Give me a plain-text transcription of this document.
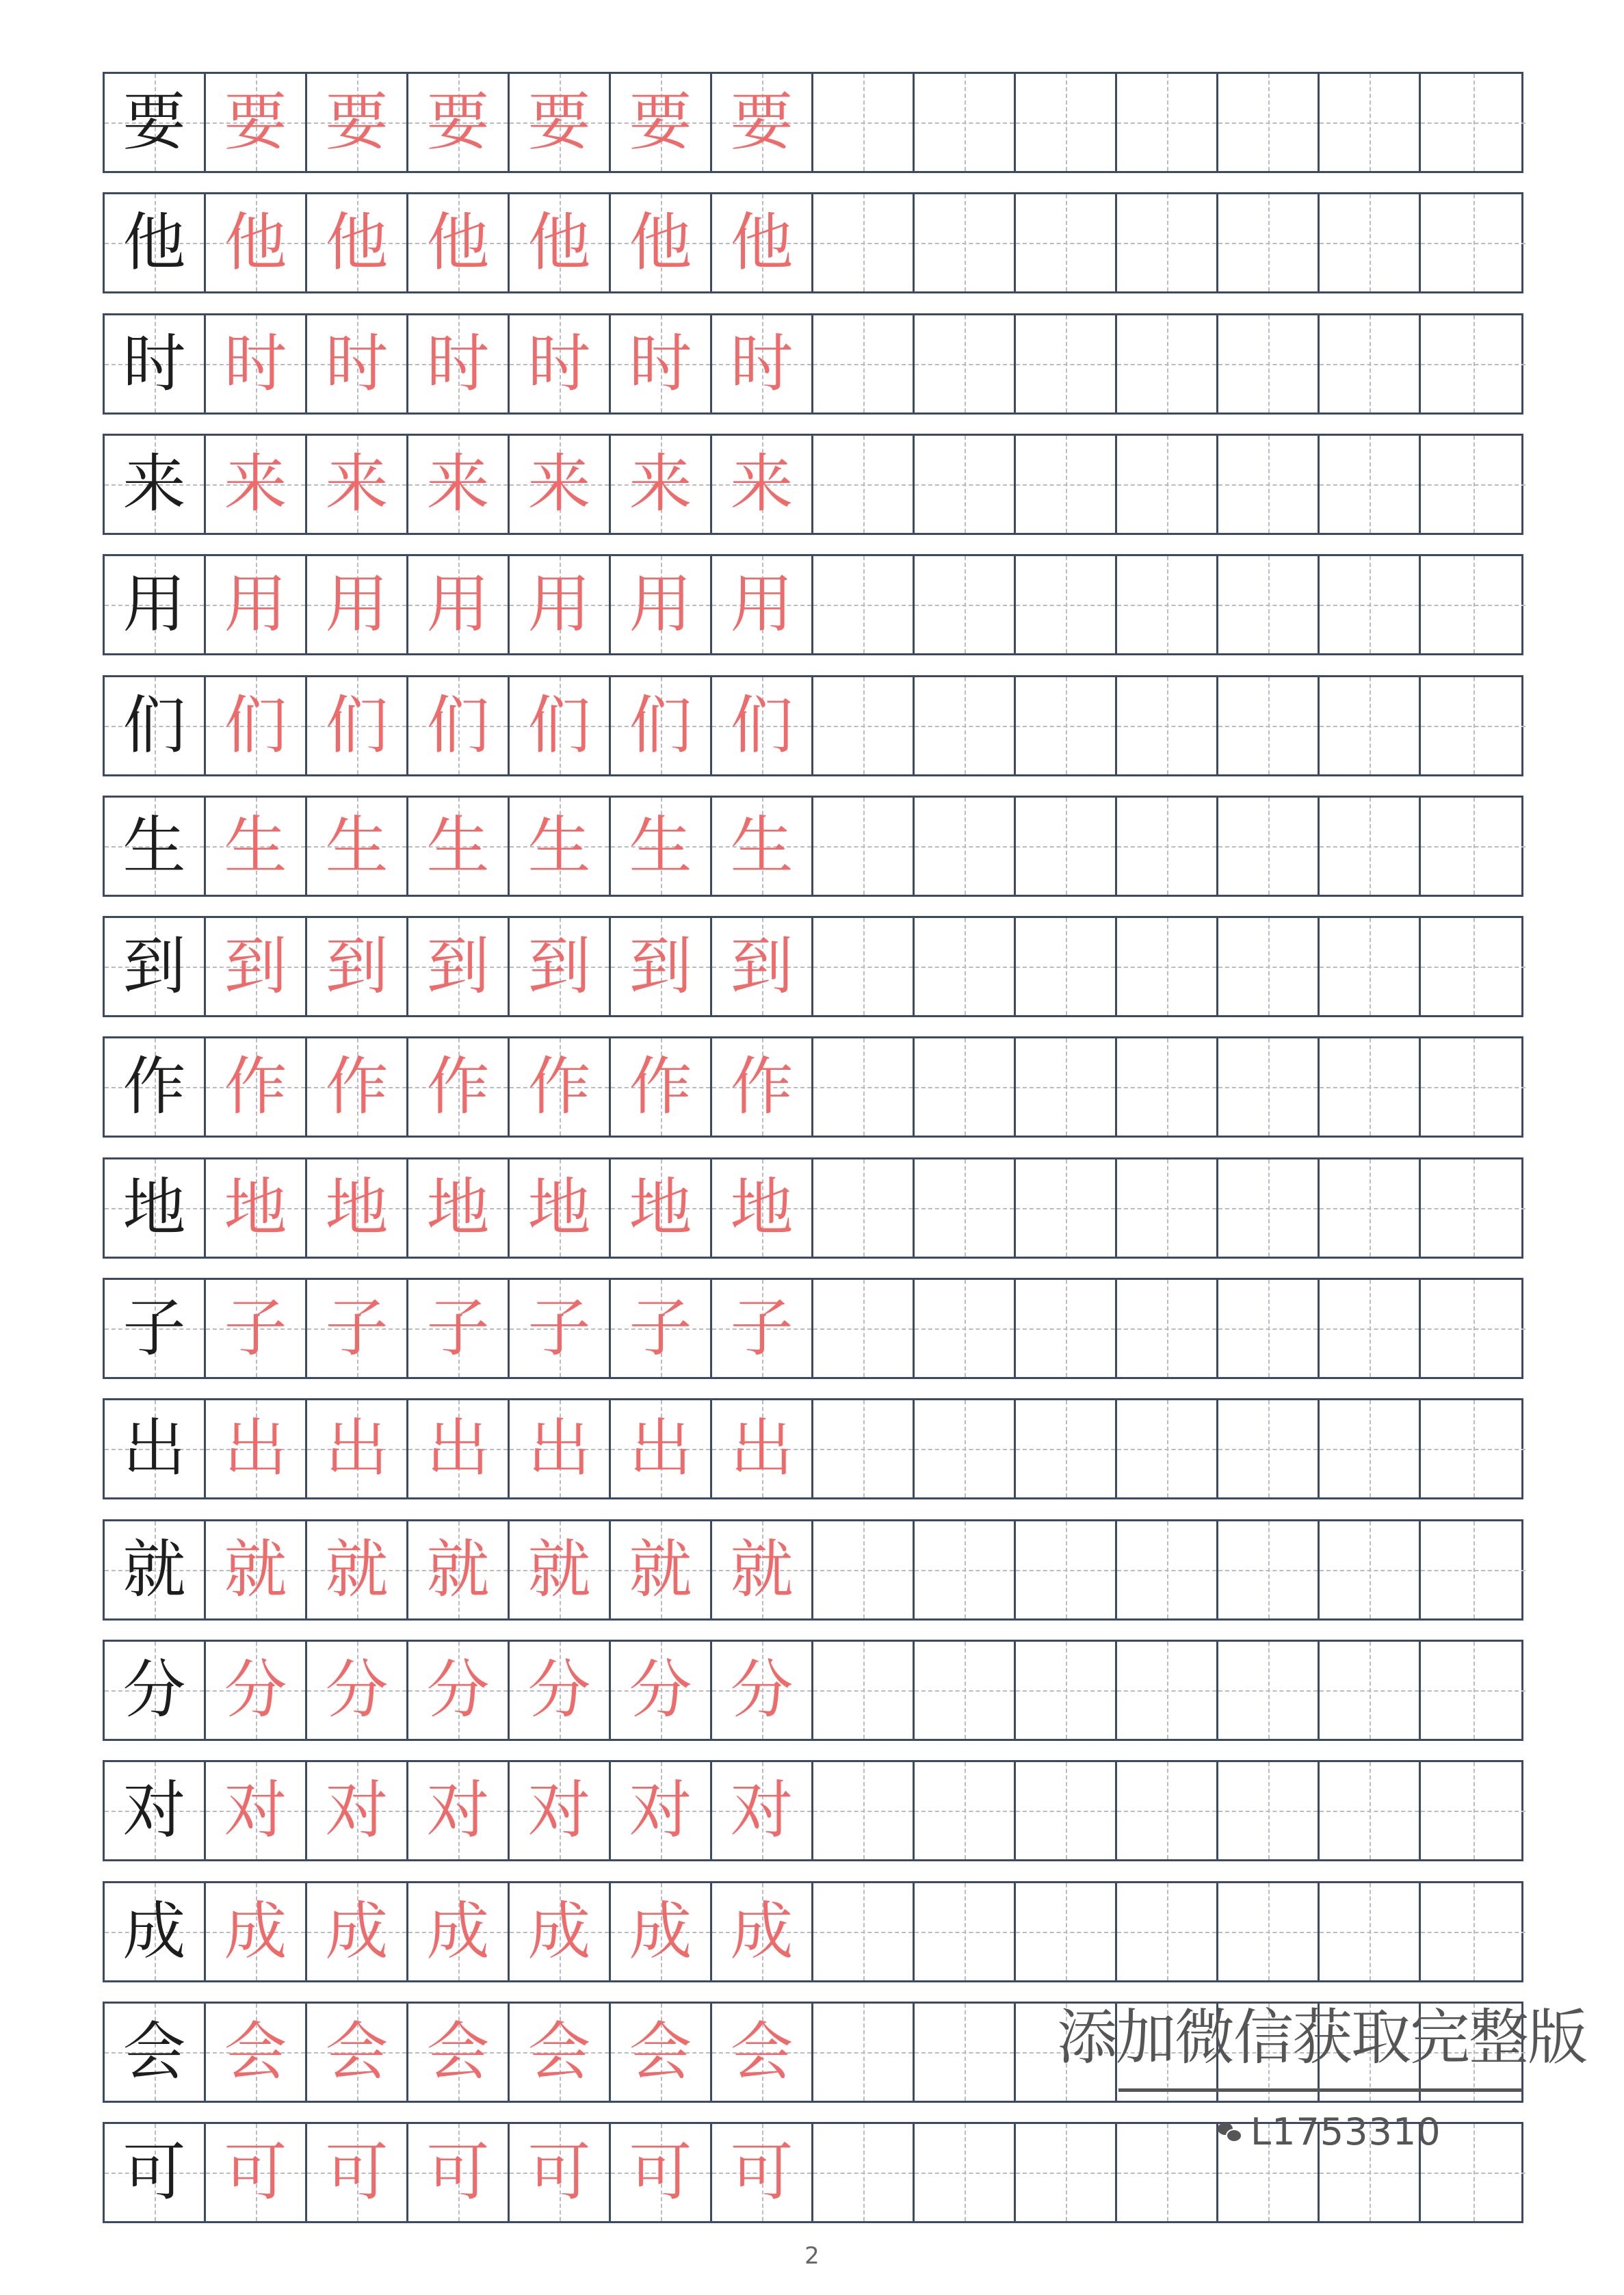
要 要 要 要 要 要 要
他 他 他 他 他 他 他
时 时 时 时 时 时 时
来 来 来 来 来 来 来
用 用 用 用 用 用 用
们 们 们 们 们 们 们
生 生 生 生 生 生 生
到 到 到 到 到 到 到
作 作 作 作 作 作 作
地 地 地 地 地 地 地
子 子 子 子 子 子 子
出 出 出 出 出 出 出
就 就 就 就 就 就 就
分 分 分 分 分 分 分
对 对 对 对 对 对 对
成 成 成 成 成 成 成
会 会 会 会 会 会 会
可 可 可 可 可 可 可
添加微信获取完整版
L1753310
2
